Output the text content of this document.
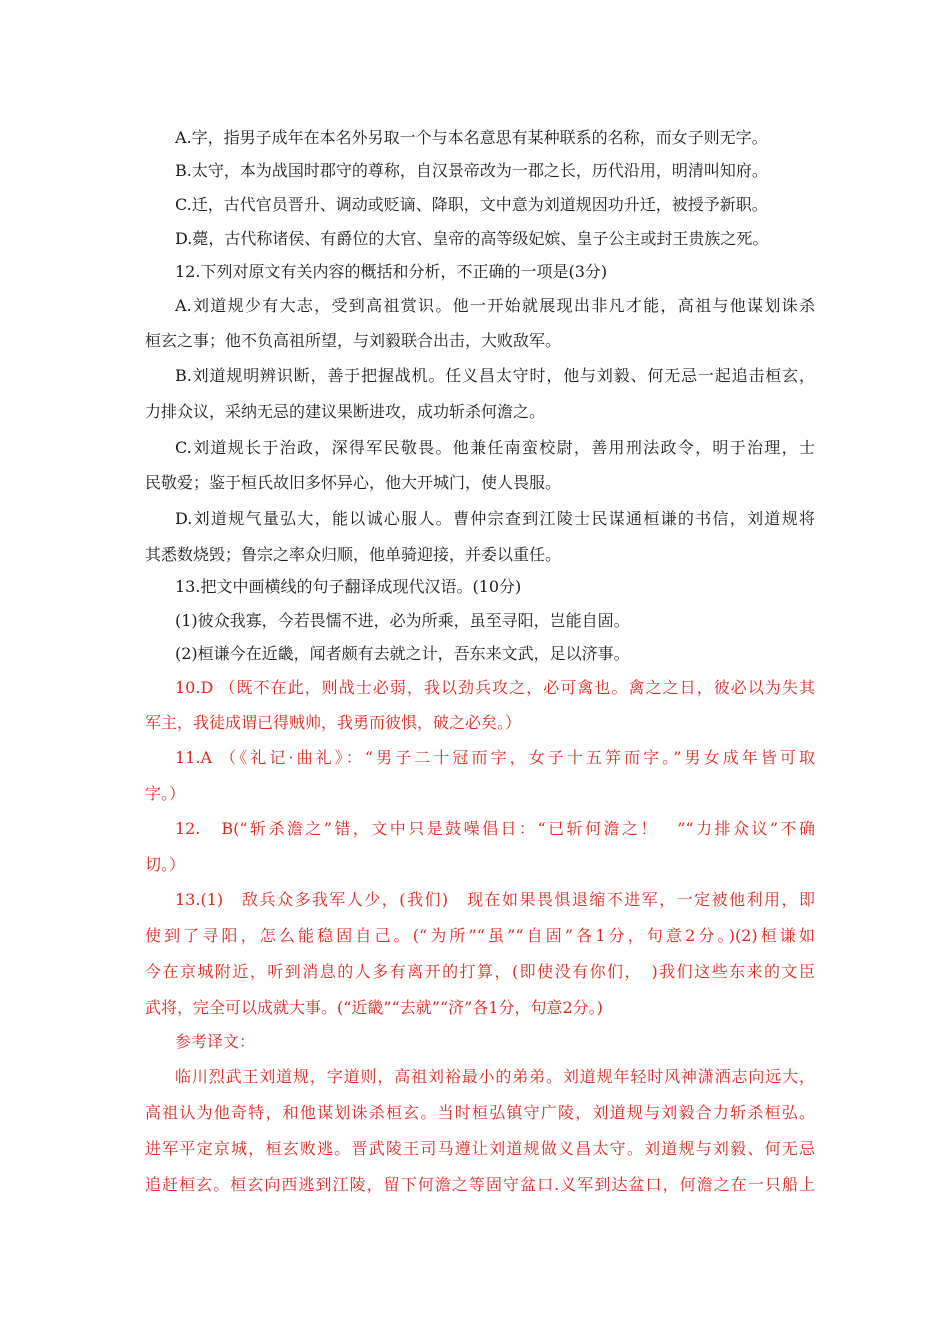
A.字，指男子成年在本名外另取一个与本名意思有某种联系的名称，而女子则无字。
B.太守，本为战国时郡守的尊称，自汉景帝改为一郡之长，历代沿用，明清叫知府。
C.迁，古代官员晋升、调动或贬谪、降职，文中意为刘道规因功升迁，被授予新职。
D.薨，古代称诸侯、有爵位的大官、皇帝的高等级妃嫔、皇子公主或封王贵族之死。
12.下列对原文有关内容的概括和分析，不正确的一项是(3分)
A.刘道规少有大志，受到高祖赏识。他一开始就展现出非凡才能，高祖与他谋划诛杀
桓玄之事；他不负高祖所望，与刘毅联合出击，大败敌军。
B.刘道规明辨识断，善于把握战机。任义昌太守时，他与刘毅、何无忌一起追击桓玄，
力排众议，采纳无忌的建议果断进攻，成功斩杀何澹之。
C.刘道规长于治政，深得军民敬畏。他兼任南蛮校尉，善用刑法政令，明于治理，士
民敬爱；鉴于桓氏故旧多怀异心，他大开城门，使人畏服。
D.刘道规气量弘大，能以诚心服人。曹仲宗查到江陵士民谋通桓谦的书信，刘道规将
其悉数烧毁；鲁宗之率众归顺，他单骑迎接，并委以重任。
13.把文中画横线的句子翻译成现代汉语。(10分)
(1)彼众我寡，今若畏懦不进，必为所乘，虽至寻阳，岂能自固。
(2)桓谦今在近畿，闻者颇有去就之计，吾东来文武，足以济事。
10.D （既不在此，则战士必弱，我以劲兵攻之，必可禽也。禽之之日，彼必以为失其
军主，我徒成谓已得贼帅，我勇而彼惧，破之必矣。）
11.A （《礼记·曲礼》：“男子二十冠而字，女子十五笄而字。”男女成年皆可取
字。）
12.　B(“斩杀澹之”错，文中只是鼓噪倡日：“已斩何澹之！　”“力排众议”不确
切。）
13.(1)　敌兵众多我军人少，(我们)　现在如果畏惧退缩不进军，一定被他利用，即
使到了寻阳，怎么能稳固自己。(“为所”“虽”“自固”各1分，句意2分。)(2)桓谦如
今在京城附近，听到消息的人多有离开的打算，(即使没有你们，　)我们这些东来的文臣
武将，完全可以成就大事。(“近畿”“去就”“济”各1分，句意2分。)
参考译文：
临川烈武王刘道规，字道则，高祖刘裕最小的弟弟。刘道规年轻时风神潇洒志向远大，
高祖认为他奇特，和他谋划诛杀桓玄。当时桓弘镇守广陵，刘道规与刘毅合力斩杀桓弘。
进军平定京城，桓玄败逃。晋武陵王司马遵让刘道规做义昌太守。刘道规与刘毅、何无忌
追赶桓玄。桓玄向西逃到江陵，留下何澹之等固守盆口.义军到达盆口，何澹之在一只船上
